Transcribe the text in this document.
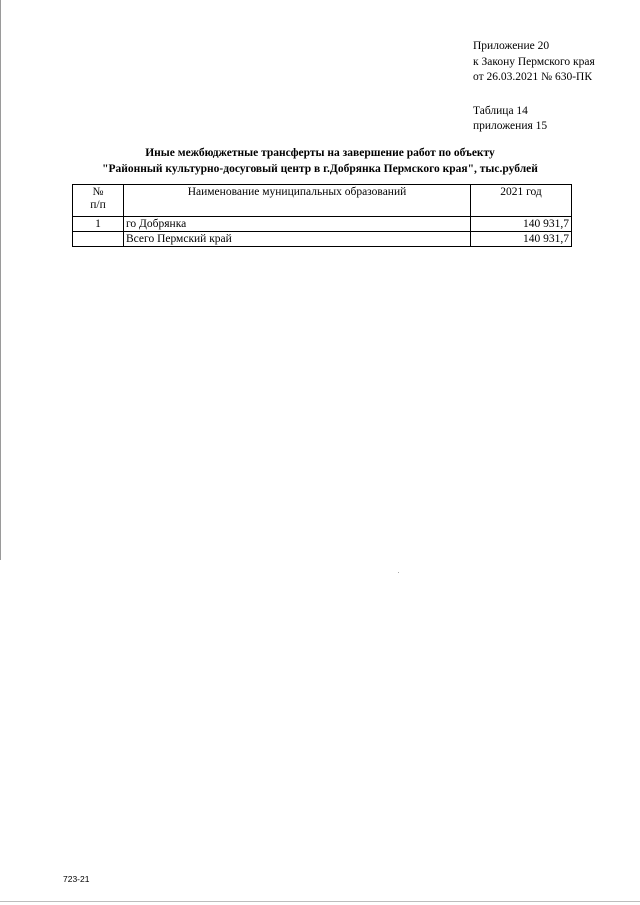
Приложение 20
к Закону Пермского края
от 26.03.2021 № 630-ПК
Таблица 14
приложения 15
Иные межбюджетные трансферты на завершение работ по объекту
"Районный культурно-досуговый центр в г.Добрянка Пермского края", тыс.рублей
№
п/п	Наименование муниципальных образований	2021 год
1	го Добрянка	140 931,7
	Всего Пермский край	140 931,7
723-21
